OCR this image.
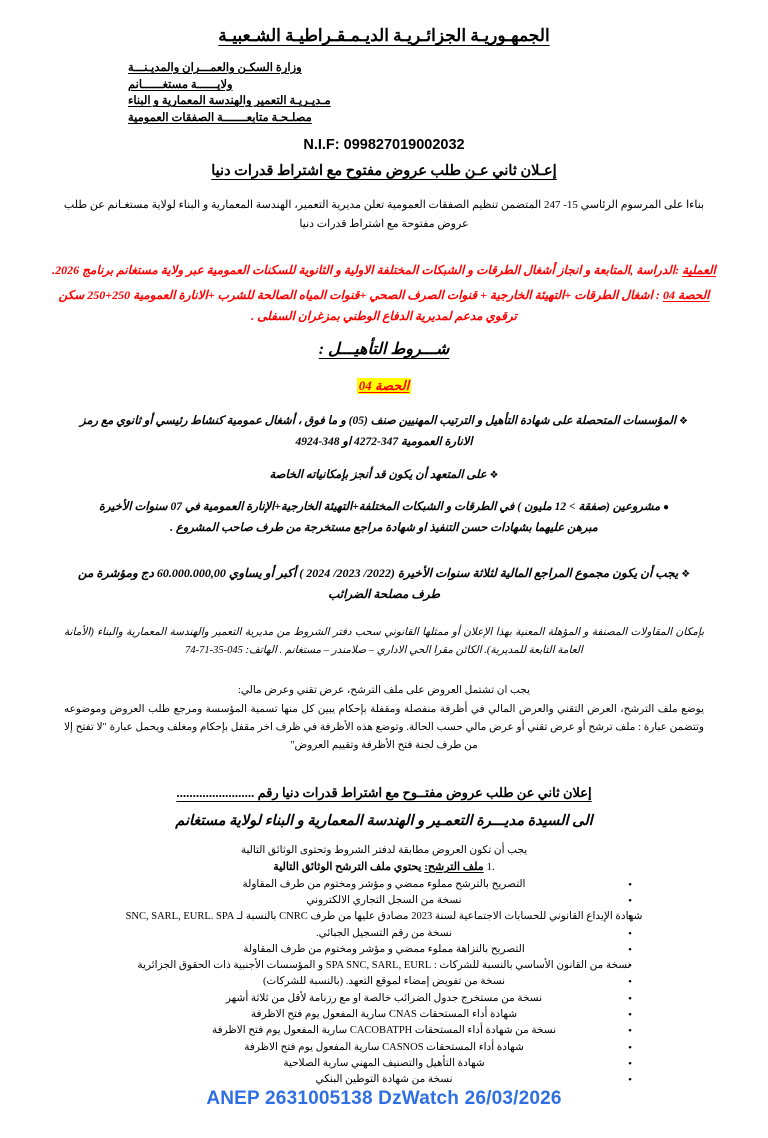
الجمهـوريـة الجزائـريـة الديـمـقـراطيـة الشـعبيـة
وزارة السكـن والعمـــران والمديـنـــة
ولايــــــة مستغــــــانم
مـديـريـة التعمير والهندسة المعمارية و البناء
مصلـحـة متابعـــــــة الصفقات العمومية
N.I.F: 099827019002032
إعـلان ثاني عـن طلب عروض مفتوح مع اشتراط قدرات دنيا
بناءا على المرسوم الرئاسي 15- 247 المتضمن تنظيم الصفقات العمومية تعلن مديرية التعمير، الهندسة المعمارية و البناء لولاية مستغـانم عن طلب عروض مفتوحة مع اشتراط قدرات دنيا
العملية :الدراسة ,المتابعة و انجاز أشغال الطرقات و الشبكات المختلفة الاولية و الثانوية للسكنات العمومية عبر ولاية مستغانم برنامج 2026.
الحصة 04 : اشغال الطرقات +التهيئة الخارجية + قنوات الصرف الصحي +قنوات المياه الصالحة للشرب +الانارة العمومية 250+250 سكن ترقوي مدعم لمديرية الدفاع الوطني بمزغران السفلى .
شـــروط التأهيـــل :
الحصة 04
❖ المؤسسات المتحصلة على شهادة التأهيل و الترتيب المهنيين صنف (05) و ما فوق ، أشغال عمومية كنشاط رئيسي أو ثانوي مع رمز الانارة العمومية 347-4272 او 348-4924
❖ على المتعهد أن يكون قد أنجز بإمكانياته الخاصة
● مشروعين (صفقة > 12 مليون ) في الطرقات و الشبكات المختلفة+التهيئة الخارجية+الإنارة العمومية في 07 سنوات الأخيرة مبرهن عليهما بشهادات حسن التنفيذ او شهادة مراجع مستخرجة من طرف صاحب المشروع .
❖ يجب أن يكون مجموع المراجع المالية لثلاثة سنوات الأخيرة (2022/ 2023/ 2024 ) أكبر أو يساوي 60.000.000,00 دج ومؤشرة من طرف مصلحة الضرائب
بإمكان المقاولات المصنفة و المؤهلة المعنية بهذا الإعلان أو ممثلها القانوني سحب دفتر الشروط من مديرية التعمير والهندسة المعمارية والبناء (الأمانة العامة التابعة للمديرية). الكائن مقرا الحي الاداري – صلامندر – مستغانم . الهاتف: 045-35-71-74
يجب ان تشتمل العروض على ملف الترشح، عرض تقني وعرض مالي:
يوضع ملف الترشح، العرض التقني والعرض المالي في أظرفة منفصلة ومقفلة بإحكام يبين كل منها تسمية المؤسسة ومرجع طلب العروض وموضوعه وتتضمن عبارة : ملف ترشح أو عرض تقني أو عرض مالي حسب الحالة. وتوضع هذه الأظرفة في ظرف اخر مقفل بإحكام ومغلف ويحمل عبارة "لا تفتح إلا من طرف لجنة فتح الأظرفة وتقييم العروض"
إعلان ثاني عن طلب عروض مفتــوح مع اشتراط قدرات دنيا رقم ........................
الى السيدة مديـــرة التعمـير و الهندسة المعمارية و البناء لولاية مستغانم
يجب أن تكون العروض مطابقة لدفتر الشروط وتحتوى الوثائق التالية
1. ملف الترشح: يحتوي ملف الترشح الوثائق التالية
• التصريح بالترشح مملوء ممضي و مؤشر ومختوم من طرف المقاولة
• نسخة من السجل التجاري الالكتروني
• شهادة الإيداع القانوني للحسابات الاجتماعية لسنة 2023 مصادق عليها من طرف CNRC بالنسبة لـ SNC, SARL, EURL. SPA
• نسخة من رقم التسجيل الجبائي.
• التصريح بالنزاهة مملوء ممضي و مؤشر ومختوم من طرف المقاولة
• نسخة من القانون الأساسي بالنسبة للشركات : SPA SNC, SARL, EURL و المؤسسات الأجنبية ذات الحقوق الجزائرية
• نسخة من تفويض إمضاء لموقع التعهد. (بالنسبة للشركات)
• نسخة من مستخرج جدول الضرائب خالصة او مع رزنامة لأقل من ثلاثة أشهر
• شهادة أداء المستحقات CNAS سارية المفعول يوم فتح الاظرفة
• نسخة من شهادة أداء المستحقات CACOBATPH سارية المفعول يوم فتح الاظرفة
• شهادة أداء المستحقات CASNOS سارية المفعول يوم فتح الاظرفة
• شهادة التأهيل والتصنيف المهني سارية الصلاحية
• نسخة من شهادة التوطين البنكي
ANEP 2631005138 DzWatch 26/03/2026
